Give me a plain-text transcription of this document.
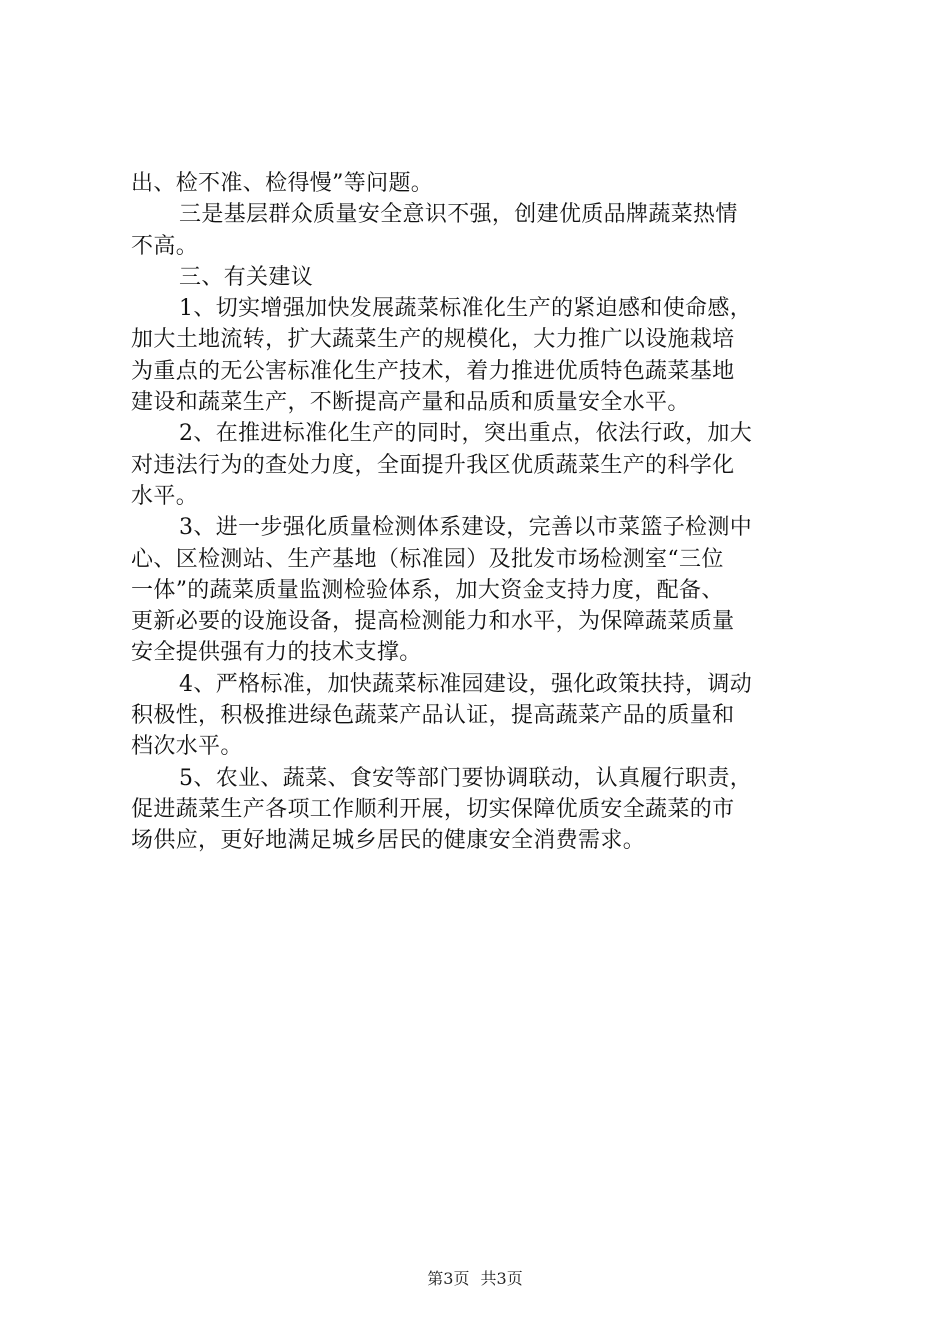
出、检不准、检得慢”等问题。
三是基层群众质量安全意识不强，创建优质品牌蔬菜热情
不高。
三、有关建议
1、切实增强加快发展蔬菜标准化生产的紧迫感和使命感，
加大土地流转，扩大蔬菜生产的规模化，大力推广以设施栽培
为重点的无公害标准化生产技术，着力推进优质特色蔬菜基地
建设和蔬菜生产，不断提高产量和品质和质量安全水平。
2、在推进标准化生产的同时，突出重点，依法行政，加大
对违法行为的查处力度，全面提升我区优质蔬菜生产的科学化
水平。
3、进一步强化质量检测体系建设，完善以市菜篮子检测中
心、区检测站、生产基地（标准园）及批发市场检测室“三位
一体”的蔬菜质量监测检验体系，加大资金支持力度，配备、
更新必要的设施设备，提高检测能力和水平，为保障蔬菜质量
安全提供强有力的技术支撑。
4、严格标准，加快蔬菜标准园建设，强化政策扶持，调动
积极性，积极推进绿色蔬菜产品认证，提高蔬菜产品的质量和
档次水平。
5、农业、蔬菜、食安等部门要协调联动，认真履行职责，
促进蔬菜生产各项工作顺利开展，切实保障优质安全蔬菜的市
场供应，更好地满足城乡居民的健康安全消费需求。
第3页 共3页
